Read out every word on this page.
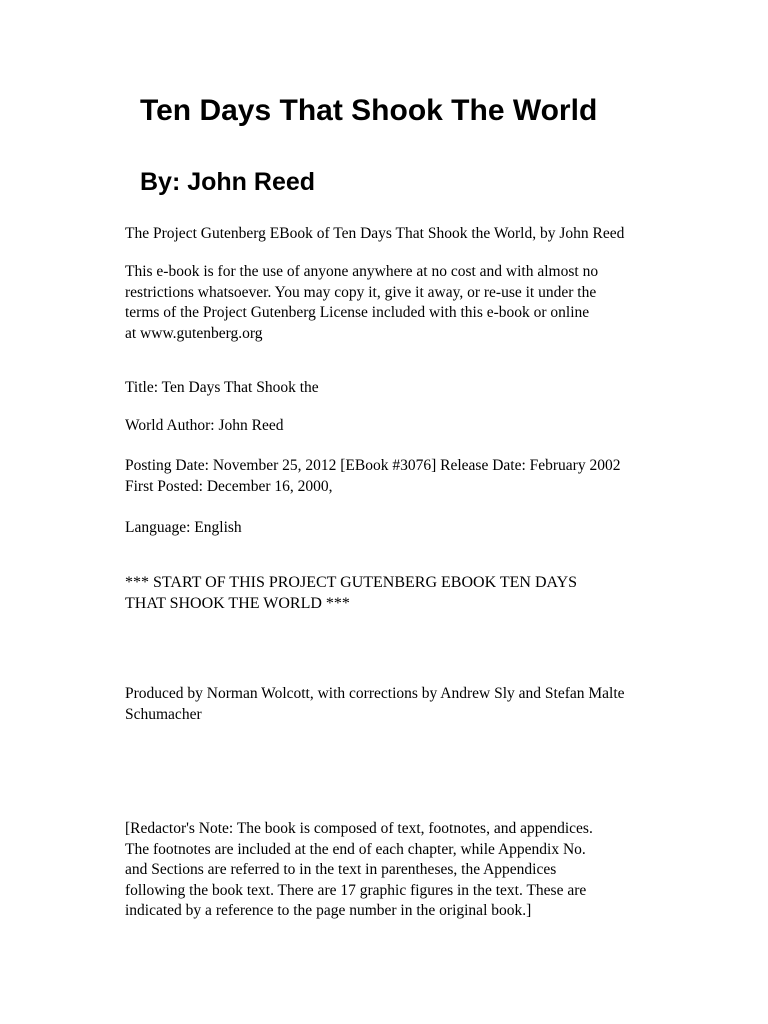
Ten Days That Shook The World
By: John Reed

The Project Gutenberg EBook of Ten Days That Shook the World, by John Reed

This e-book is for the use of anyone anywhere at no cost and with almost no
restrictions whatsoever. You may copy it, give it away, or re-use it under the
terms of the Project Gutenberg License included with this e-book or online
at www.gutenberg.org

Title: Ten Days That Shook the

World Author: John Reed

Posting Date: November 25, 2012 [EBook #3076] Release Date: February 2002
First Posted: December 16, 2000,

Language: English

*** START OF THIS PROJECT GUTENBERG EBOOK TEN DAYS
THAT SHOOK THE WORLD ***

Produced by Norman Wolcott, with corrections by Andrew Sly and Stefan Malte
Schumacher

[Redactor's Note: The book is composed of text, footnotes, and appendices.
The footnotes are included at the end of each chapter, while Appendix No.
and Sections are referred to in the text in parentheses, the Appendices
following the book text. There are 17 graphic figures in the text. These are
indicated by a reference to the page number in the original book.]
